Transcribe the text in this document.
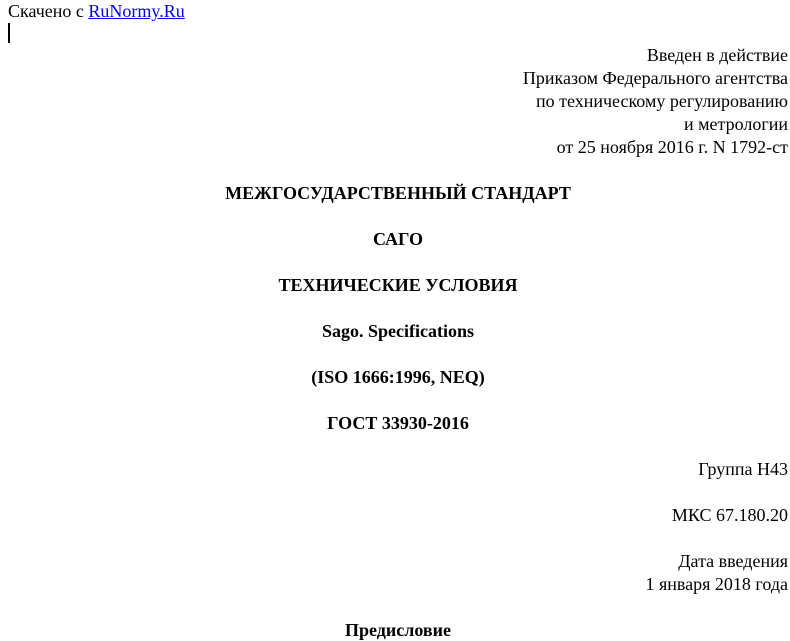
Скачено с RuNormy.Ru
Введен в действие
Приказом Федерального агентства
по техническому регулированию
и метрологии
от 25 ноября 2016 г. N 1792-ст
МЕЖГОСУДАРСТВЕННЫЙ СТАНДАРТ
САГО
ТЕХНИЧЕСКИЕ УСЛОВИЯ
Sago. Specifications
(ISO 1666:1996, NEQ)
ГОСТ 33930-2016
Группа Н43
МКС 67.180.20
Дата введения
1 января 2018 года
Предисловие
